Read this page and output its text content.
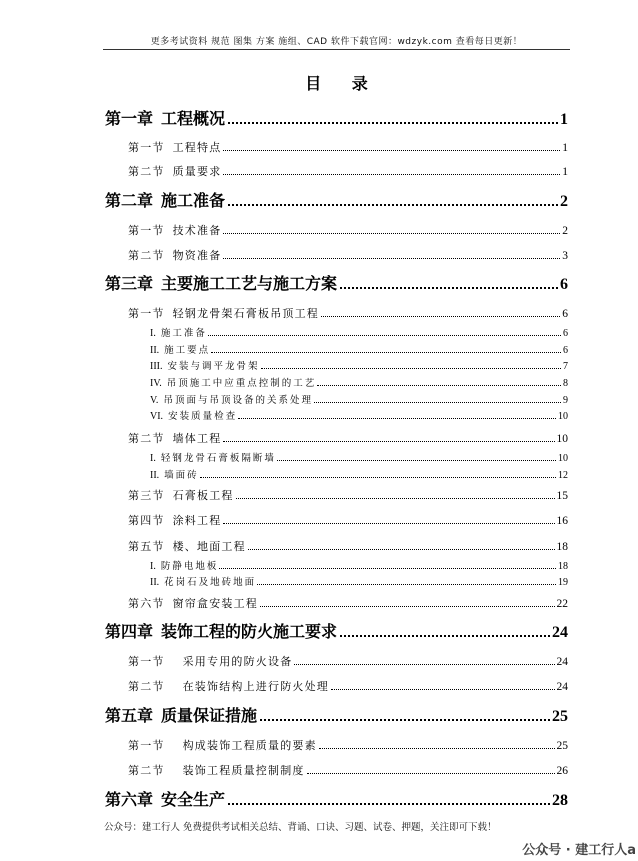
更多考试资料 规范 图集 方案 施组、CAD 软件下载官网：wdzyk.com 查看每日更新！
目 录
第一章 工程概况	1
第一节 工程特点	1
第二节 质量要求	1
第二章 施工准备	2
第一节 技术准备	2
第二节 物资准备	3
第三章 主要施工工艺与施工方案	6
第一节 轻钢龙骨架石膏板吊顶工程	6
I. 施工准备	6
II. 施工要点	6
III. 安装与调平龙骨架	7
IV. 吊顶施工中应重点控制的工艺	8
V. 吊顶面与吊顶设备的关系处理	9
VI. 安装质量检查	10
第二节 墙体工程	10
I. 轻钢龙骨石膏板隔断墙	10
II. 墙面砖	12
第三节 石膏板工程	15
第四节 涂料工程	16
第五节 楼、地面工程	18
I. 防静电地板	18
II. 花岗石及地砖地面	19
第六节 窗帘盒安装工程	22
第四章 装饰工程的防火施工要求	24
第一节 采用专用的防火设备	24
第二节 在装饰结构上进行防火处理	24
第五章 质量保证措施	25
第一节 构成装饰工程质量的要素	25
第二节 装饰工程质量控制制度	26
第六章 安全生产	28
公众号：建工行人 免费提供考试相关总结、背诵、口诀、习题、试卷、押题，关注即可下载！
公众号 · 建工行人a
